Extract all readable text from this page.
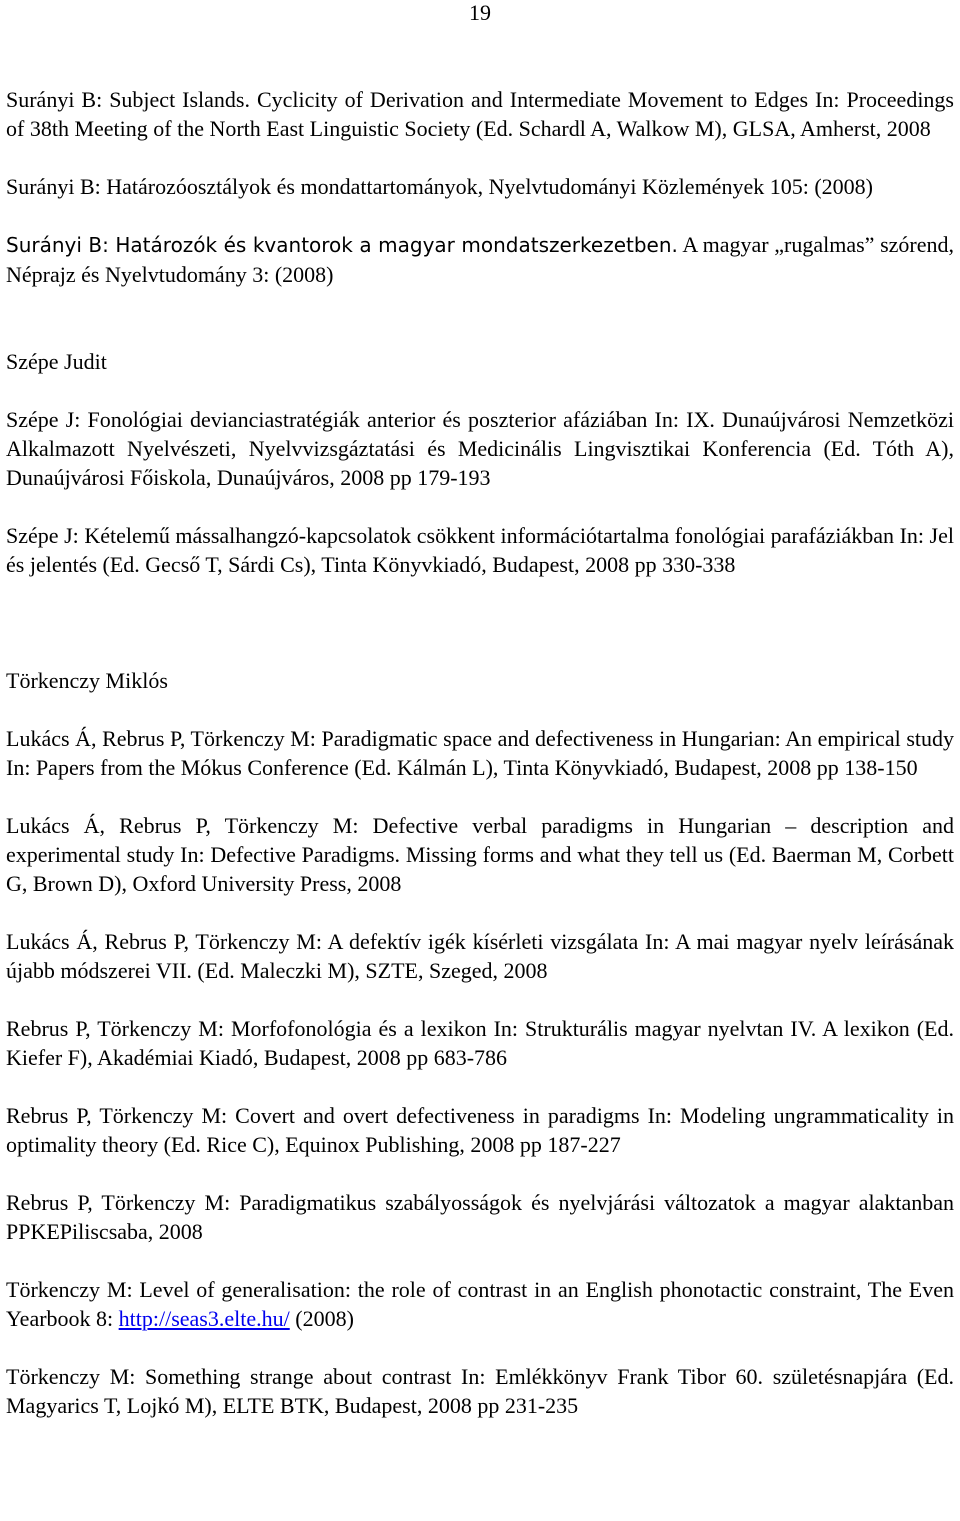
19

Surányi B: Subject Islands. Cyclicity of Derivation and Intermediate Movement to Edges In: Proceedings of 38th Meeting of the North East Linguistic Society (Ed. Schardl A, Walkow M), GLSA, Amherst, 2008

Surányi B: Határozóosztályok és mondattartományok, Nyelvtudományi Közlemények 105: (2008)

Surányi B: Határozók és kvantorok a magyar mondatszerkezetben. A magyar „rugalmas” szórend, Néprajz és Nyelvtudomány 3: (2008)

Szépe Judit

Szépe J: Fonológiai devianciastratégiák anterior és poszterior afáziában In: IX. Dunaújvárosi Nemzetközi Alkalmazott Nyelvészeti, Nyelvvizsgáztatási és Medicinális Lingvisztikai Konferencia (Ed. Tóth A), Dunaújvárosi Főiskola, Dunaújváros, 2008 pp 179-193

Szépe J: Kételemű mássalhangzó-kapcsolatok csökkent információtartalma fonológiai parafáziákban In: Jel és jelentés (Ed. Gecső T, Sárdi Cs), Tinta Könyvkiadó, Budapest, 2008 pp 330-338

Törkenczy Miklós

Lukács Á, Rebrus P, Törkenczy M: Paradigmatic space and defectiveness in Hungarian: An empirical study In: Papers from the Mókus Conference (Ed. Kálmán L), Tinta Könyvkiadó, Budapest, 2008 pp 138-150

Lukács Á, Rebrus P, Törkenczy M: Defective verbal paradigms in Hungarian – description and experimental study In: Defective Paradigms. Missing forms and what they tell us (Ed. Baerman M, Corbett G, Brown D), Oxford University Press, 2008

Lukács Á, Rebrus P, Törkenczy M: A defektív igék kísérleti vizsgálata In: A mai magyar nyelv leírásának újabb módszerei VII. (Ed. Maleczki M), SZTE, Szeged, 2008

Rebrus P, Törkenczy M: Morfofonológia és a lexikon In: Strukturális magyar nyelvtan IV. A lexikon (Ed. Kiefer F), Akadémiai Kiadó, Budapest, 2008 pp 683-786

Rebrus P, Törkenczy M: Covert and overt defectiveness in paradigms In: Modeling ungrammaticality in optimality theory (Ed. Rice C), Equinox Publishing, 2008 pp 187-227

Rebrus P, Törkenczy M: Paradigmatikus szabályosságok és nyelvjárási változatok a magyar alaktanban PPKEPiliscsaba, 2008

Törkenczy M: Level of generalisation: the role of contrast in an English phonotactic constraint, The Even Yearbook 8: http://seas3.elte.hu/ (2008)

Törkenczy M: Something strange about contrast In: Emlékkönyv Frank Tibor 60. születésnapjára (Ed. Magyarics T, Lojkó M), ELTE BTK, Budapest, 2008 pp 231-235
